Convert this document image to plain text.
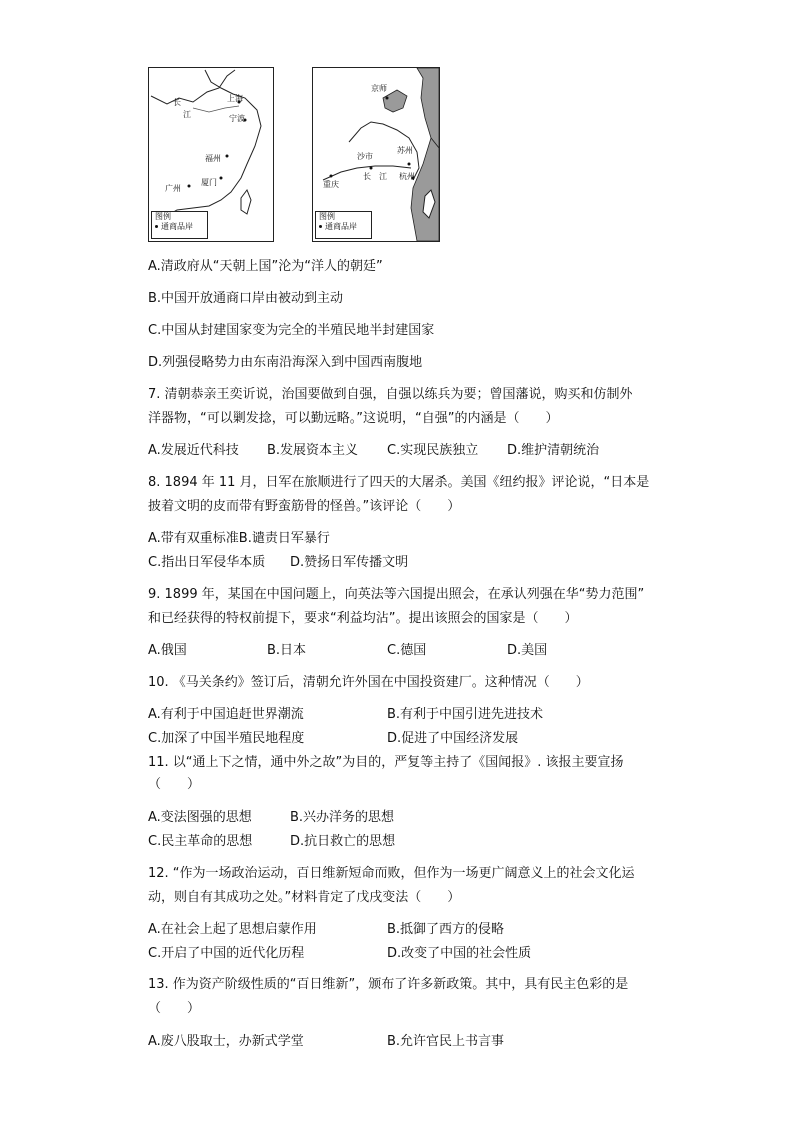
上海
宁波
福州
厦门
广州
长
江
图例
通商品岸
京师
苏州
沙市
杭州
重庆
长 江
图例
通商品岸
A.清政府从“天朝上国”沦为“洋人的朝廷”
B.中国开放通商口岸由被动到主动
C.中国从封建国家变为完全的半殖民地半封建国家
D.列强侵略势力由东南沿海深入到中国西南腹地
7. 清朝恭亲王奕䜣说，治国要做到自强，自强以练兵为要；曾国藩说，购买和仿制外
洋器物，“可以剿发捻，可以勤远略。”这说明，“自强”的内涵是（　　）
A.发展近代科技 B.发展资本主义 C.实现民族独立 D.维护清朝统治
8. 1894 年 11 月，日军在旅顺进行了四天的大屠杀。美国《纽约报》评论说，“日本是
披着文明的皮而带有野蛮筋骨的怪兽。”该评论（　　）
A.带有双重标准B.谴责日军暴行
C.指出日军侵华本质 D.赞扬日军传播文明
9. 1899 年，某国在中国问题上，向英法等六国提出照会，在承认列强在华“势力范围”
和已经获得的特权前提下，要求“利益均沾”。提出该照会的国家是（　　）
A.俄国	B.日本	C.德国	D.美国
10. 《马关条约》签订后，清朝允许外国在中国投资建厂。这种情况（　　）
A.有利于中国追赶世界潮流	B.有利于中国引进先进技术
C.加深了中国半殖民地程度	D.促进了中国经济发展
11. 以“通上下之情，通中外之故”为目的，严复等主持了《国闻报》. 该报主要宣扬
（　　）
A.变法图强的思想	B.兴办洋务的思想
C.民主革命的思想	D.抗日救亡的思想
12. “作为一场政治运动，百日维新短命而败，但作为一场更广阔意义上的社会文化运
动，则自有其成功之处。”材料肯定了戊戌变法（　　）
A.在社会上起了思想启蒙作用	B.抵御了西方的侵略
C.开启了中国的近代化历程	D.改变了中国的社会性质
13. 作为资产阶级性质的“百日维新”，颁布了许多新政策。其中，具有民主色彩的是
（　　）
A.废八股取士，办新式学堂	B.允许官民上书言事
